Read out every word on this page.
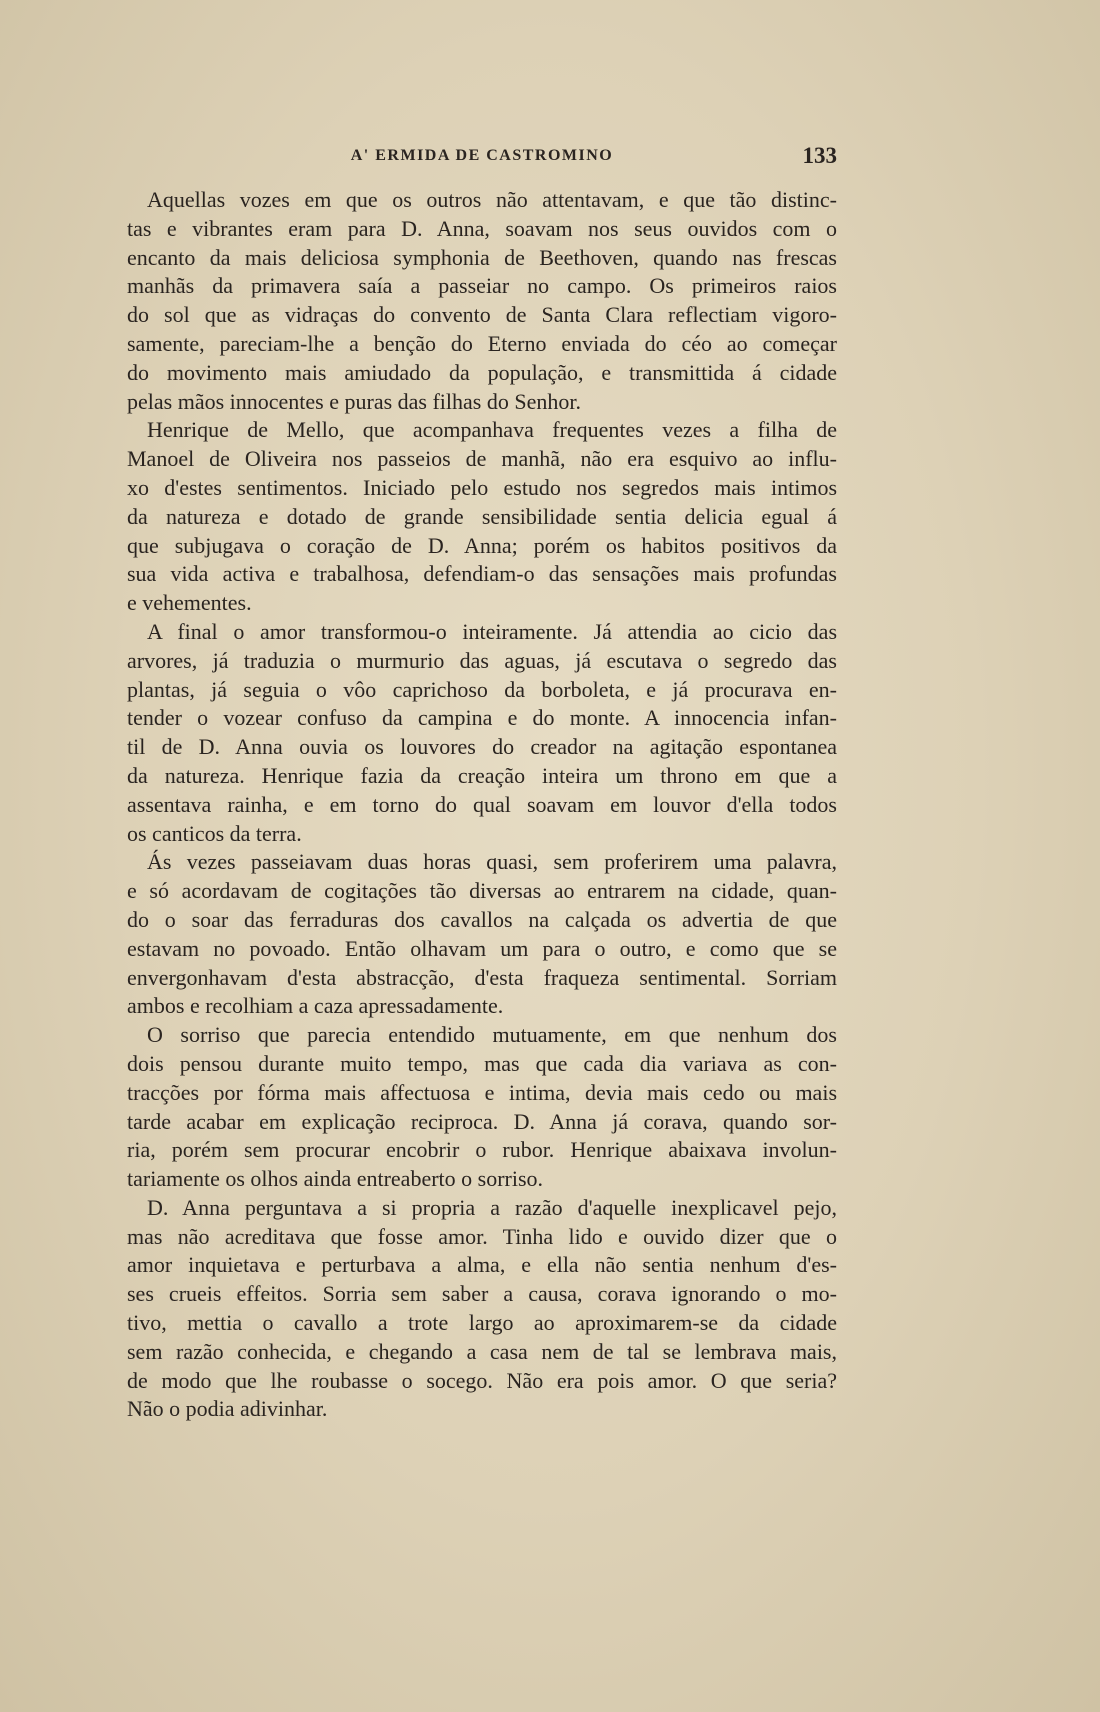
A' ERMIDA DE CASTROMINO	133
Aquellas vozes em que os outros não attentavam, e que tão distinc-
tas e vibrantes eram para D. Anna, soavam nos seus ouvidos com o
encanto da mais deliciosa symphonia de Beethoven, quando nas frescas
manhãs da primavera saía a passeiar no campo. Os primeiros raios
do sol que as vidraças do convento de Santa Clara reflectiam vigoro-
samente, pareciam-lhe a benção do Eterno enviada do céo ao começar
do movimento mais amiudado da população, e transmittida á cidade
pelas mãos innocentes e puras das filhas do Senhor.
Henrique de Mello, que acompanhava frequentes vezes a filha de
Manoel de Oliveira nos passeios de manhã, não era esquivo ao influ-
xo d'estes sentimentos. Iniciado pelo estudo nos segredos mais intimos
da natureza e dotado de grande sensibilidade sentia delicia egual á
que subjugava o coração de D. Anna; porém os habitos positivos da
sua vida activa e trabalhosa, defendiam-o das sensações mais profundas
e vehementes.
A final o amor transformou-o inteiramente. Já attendia ao cicio das
arvores, já traduzia o murmurio das aguas, já escutava o segredo das
plantas, já seguia o vôo caprichoso da borboleta, e já procurava en-
tender o vozear confuso da campina e do monte. A innocencia infan-
til de D. Anna ouvia os louvores do creador na agitação espontanea
da natureza. Henrique fazia da creação inteira um throno em que a
assentava rainha, e em torno do qual soavam em louvor d'ella todos
os canticos da terra.
Ás vezes passeiavam duas horas quasi, sem proferirem uma palavra,
e só acordavam de cogitações tão diversas ao entrarem na cidade, quan-
do o soar das ferraduras dos cavallos na calçada os advertia de que
estavam no povoado. Então olhavam um para o outro, e como que se
envergonhavam d'esta abstracção, d'esta fraqueza sentimental. Sorriam
ambos e recolhiam a caza apressadamente.
O sorriso que parecia entendido mutuamente, em que nenhum dos
dois pensou durante muito tempo, mas que cada dia variava as con-
tracções por fórma mais affectuosa e intima, devia mais cedo ou mais
tarde acabar em explicação reciproca. D. Anna já corava, quando sor-
ria, porém sem procurar encobrir o rubor. Henrique abaixava involun-
tariamente os olhos ainda entreaberto o sorriso.
D. Anna perguntava a si propria a razão d'aquelle inexplicavel pejo,
mas não acreditava que fosse amor. Tinha lido e ouvido dizer que o
amor inquietava e perturbava a alma, e ella não sentia nenhum d'es-
ses crueis effeitos. Sorria sem saber a causa, corava ignorando o mo-
tivo, mettia o cavallo a trote largo ao aproximarem-se da cidade
sem razão conhecida, e chegando a casa nem de tal se lembrava mais,
de modo que lhe roubasse o socego. Não era pois amor. O que seria?
Não o podia adivinhar.
